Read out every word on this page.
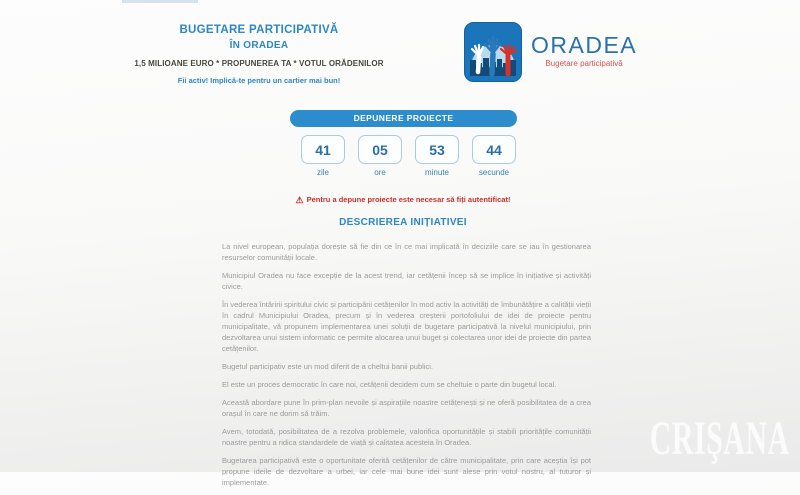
BUGETARE PARTICIPATIVĂ
ÎN ORADEA
1,5 MILIOANE EURO * PROPUNEREA TA * VOTUL ORĂDENILOR
Fii activ! Implică-te pentru un cartier mai bun!
ORADEA
Bugetare participativă
DEPUNERE PROIECTE
41
zile
05
ore
53
minute
44
secunde
⚠ Pentru a depune proiecte este necesar să fiți autentificat!
DESCRIEREA INIȚIATIVEI

La nivel european, populația dorește să fie din ce în ce mai implicată în deciziile care se iau în gestionarea resurselor comunității locale.

Municipiul Oradea nu face excepție de la acest trend, iar cetățenii încep să se implice în inițiative și activități civice.

În vederea întăririi spiritului civic și participării cetățenilor în mod activ la activități de îmbunătățire a calității vieții în cadrul Municipiului Oradea, precum și în vederea creșterii portofoliului de idei de proiecte pentru municipalitate, vă propunem implementarea unei soluții de bugetare participativă la nivelul municipiului, prin dezvoltarea unui sistem informatic ce permite alocarea unui buget și colectarea unor idei de proiecte din partea cetățenilor.

Bugetul participativ este un mod diferit de a cheltui banii publici.

El este un proces democratic în care noi, cetățenii decidem cum se cheltuie o parte din bugetul local.

Această abordare pune în prim-plan nevoile și aspirațiile noastre cetățenești și ne oferă posibilitatea de a crea orașul în care ne dorim să trăim.

Avem, totodată, posibilitatea de a rezolva problemele, valorifica oportunitățile și stabili prioritățile comunității noastre pentru a ridica standardele de viață și calitatea acesteia în Oradea.

Bugetarea participativă este o oportunitate oferită cetățenilor de către municipalitate, prin care aceștia își pot propune ideile de dezvoltare a urbei, iar cele mai bune idei sunt alese prin votul nostru, al tuturor și implementate.

CRIŞANA
